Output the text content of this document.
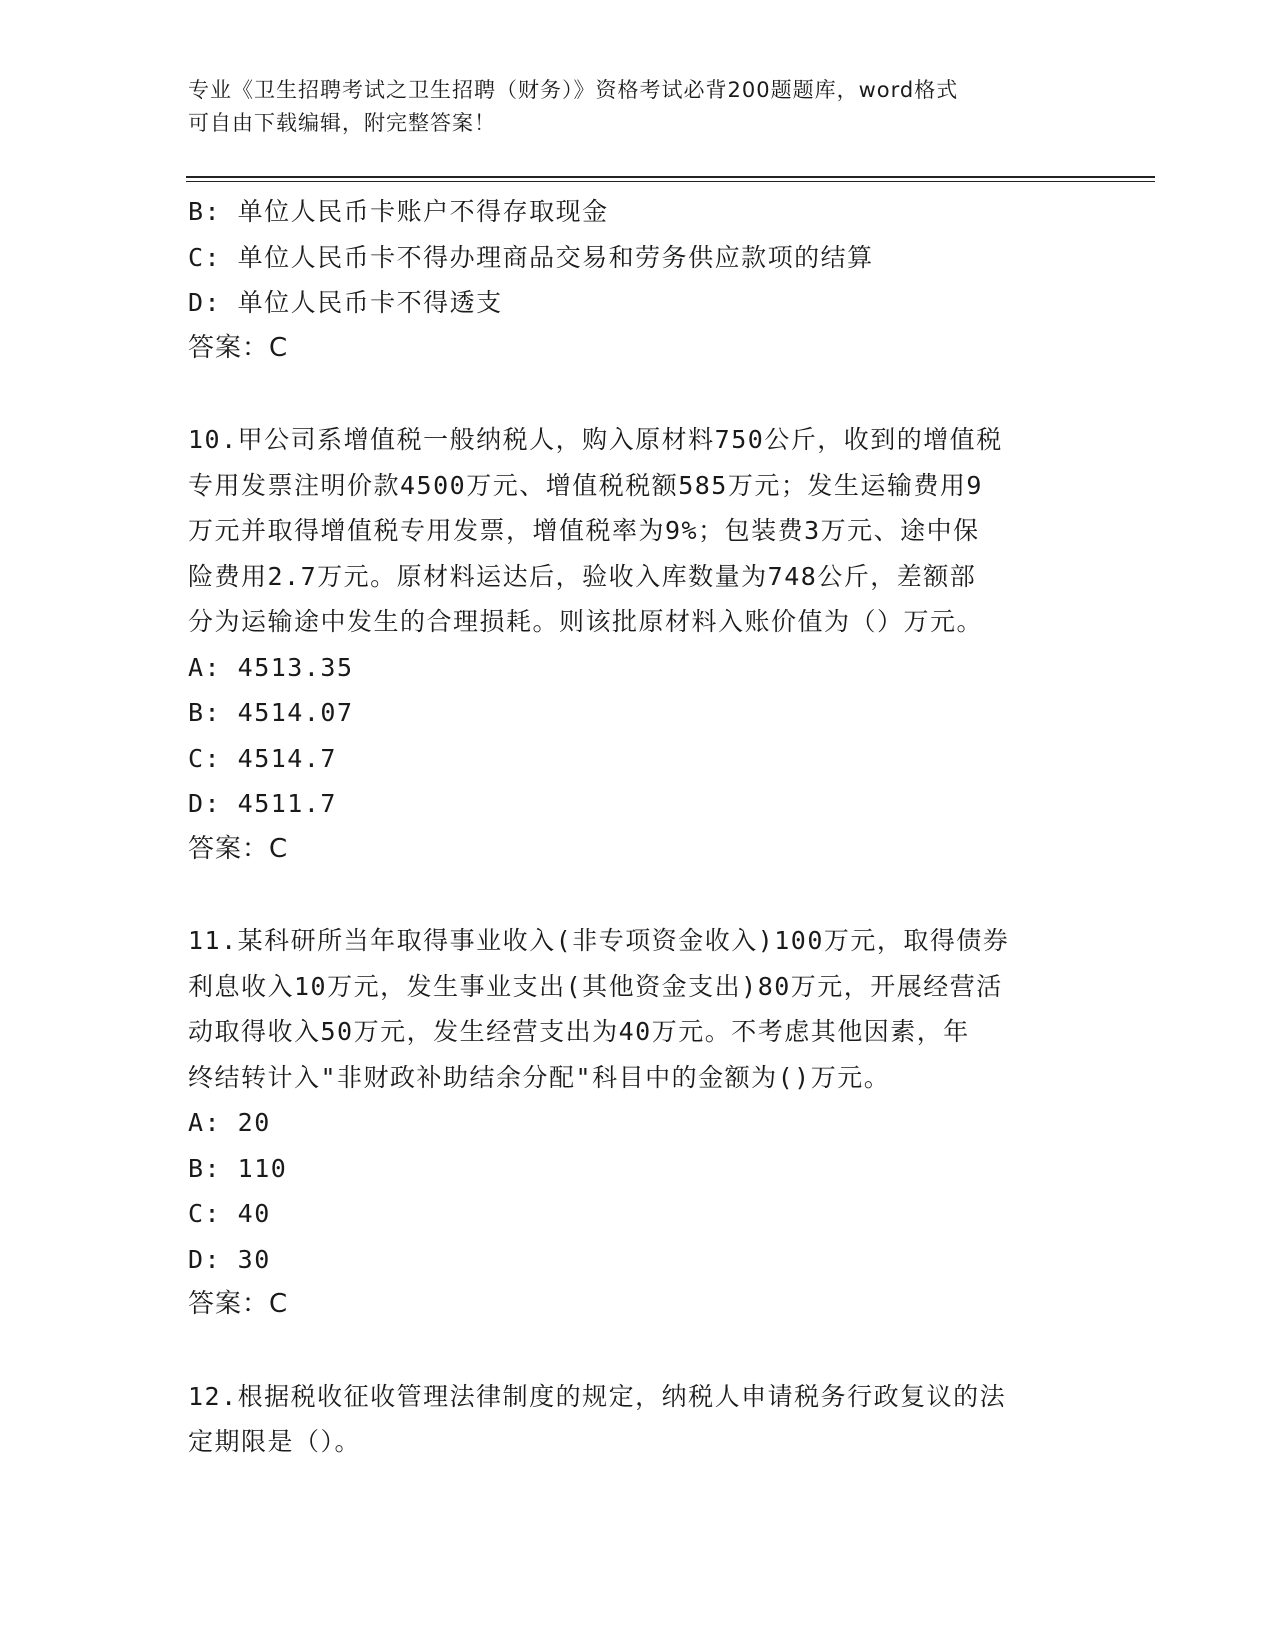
专业《卫生招聘考试之卫生招聘（财务）》资格考试必背200题题库，word格式
可自由下载编辑，附完整答案！
B: 单位人民币卡账户不得存取现金
C: 单位人民币卡不得办理商品交易和劳务供应款项的结算
D: 单位人民币卡不得透支
答案：C
10.甲公司系增值税一般纳税人，购入原材料750公斤，收到的增值税
专用发票注明价款4500万元、增值税税额585万元；发生运输费用9
万元并取得增值税专用发票，增值税率为9%；包装费3万元、途中保
险费用2.7万元。原材料运达后，验收入库数量为748公斤，差额部
分为运输途中发生的合理损耗。则该批原材料入账价值为（）万元。
A: 4513.35
B: 4514.07
C: 4514.7
D: 4511.7
答案：C
11.某科研所当年取得事业收入(非专项资金收入)100万元，取得债券
利息收入10万元，发生事业支出(其他资金支出)80万元，开展经营活
动取得收入50万元，发生经营支出为40万元。不考虑其他因素，年
终结转计入"非财政补助结余分配"科目中的金额为()万元。
A: 20
B: 110
C: 40
D: 30
答案：C
12.根据税收征收管理法律制度的规定，纳税人申请税务行政复议的法
定期限是（）。
